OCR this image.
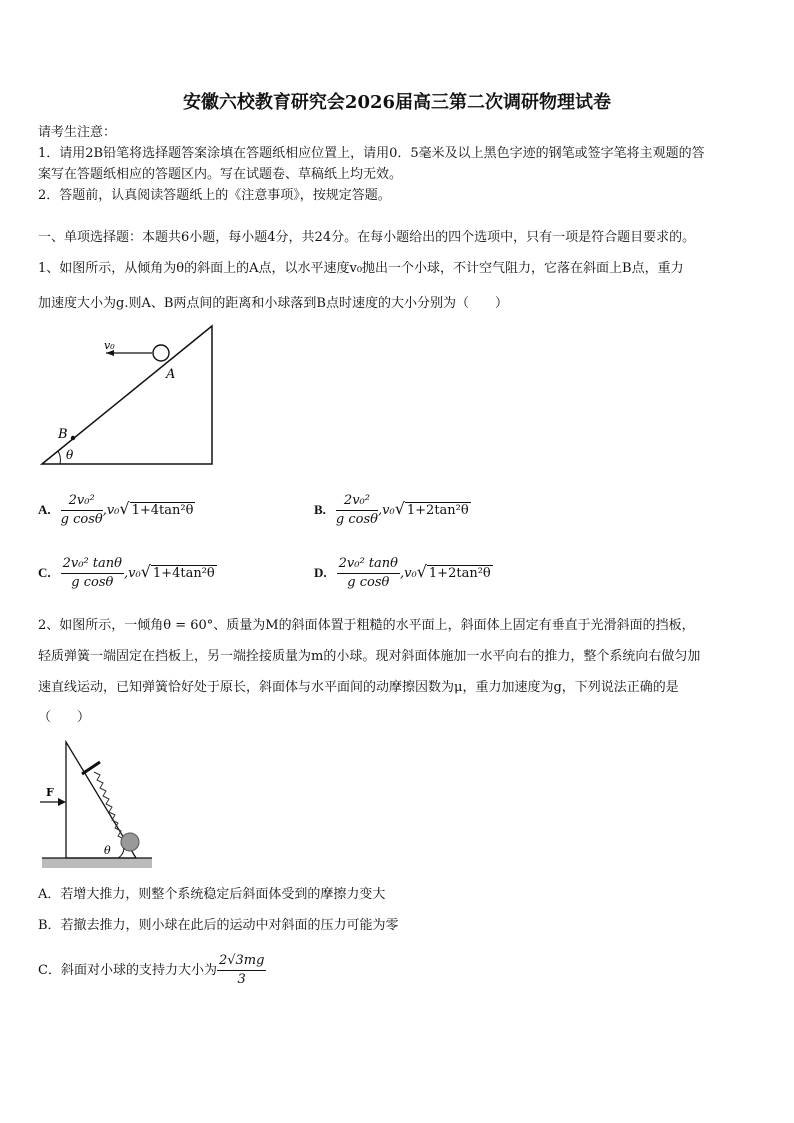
安徽六校教育研究会2026届高三第二次调研物理试卷
请考生注意：
1．请用2B铅笔将选择题答案涂填在答题纸相应位置上，请用0．5毫米及以上黑色字迹的钢笔或签字笔将主观题的答
案写在答题纸相应的答题区内。写在试题卷、草稿纸上均无效。
2．答题前，认真阅读答题纸上的《注意事项》，按规定答题。
一、单项选择题：本题共6小题，每小题4分，共24分。在每小题给出的四个选项中，只有一项是符合题目要求的。
1、如图所示，从倾角为θ的斜面上的A点，以水平速度v₀抛出一个小球，不计空气阻力，它落在斜面上B点，重力
加速度大小为g.则A、B两点间的距离和小球落到B点时速度的大小分别为（　　）
v₀
A
B
θ
A. $\frac{\text{2v₀²}}{\text{g cosθ}} ,v_0√$ 1+4tan²θ	B. $\frac{\text{2v₀²}}{\text{g cosθ}} ,v_0√$ 1+2tan²θ
C. $\frac{\text{2v₀² tanθ}}{\text{g cosθ}} ,v_0√$ 1+4tan²θ	D. $\frac{\text{2v₀² tanθ}}{\text{g cosθ}} ,v_0√$ 1+2tan²θ
2、如图所示，一倾角θ = 60°、质量为M的斜面体置于粗糙的水平面上，斜面体上固定有垂直于光滑斜面的挡板，
轻质弹簧一端固定在挡板上，另一端拴接质量为m的小球。现对斜面体施加一水平向右的推力，整个系统向右做匀加
速直线运动，已知弹簧恰好处于原长，斜面体与水平面间的动摩擦因数为μ，重力加速度为g，下列说法正确的是
（　　）
F
θ
A．若增大推力，则整个系统稳定后斜面体受到的摩擦力变大
B．若撤去推力，则小球在此后的运动中对斜面的压力可能为零
C．斜面对小球的支持力大小为 $\frac{2√3mg}{3}$
